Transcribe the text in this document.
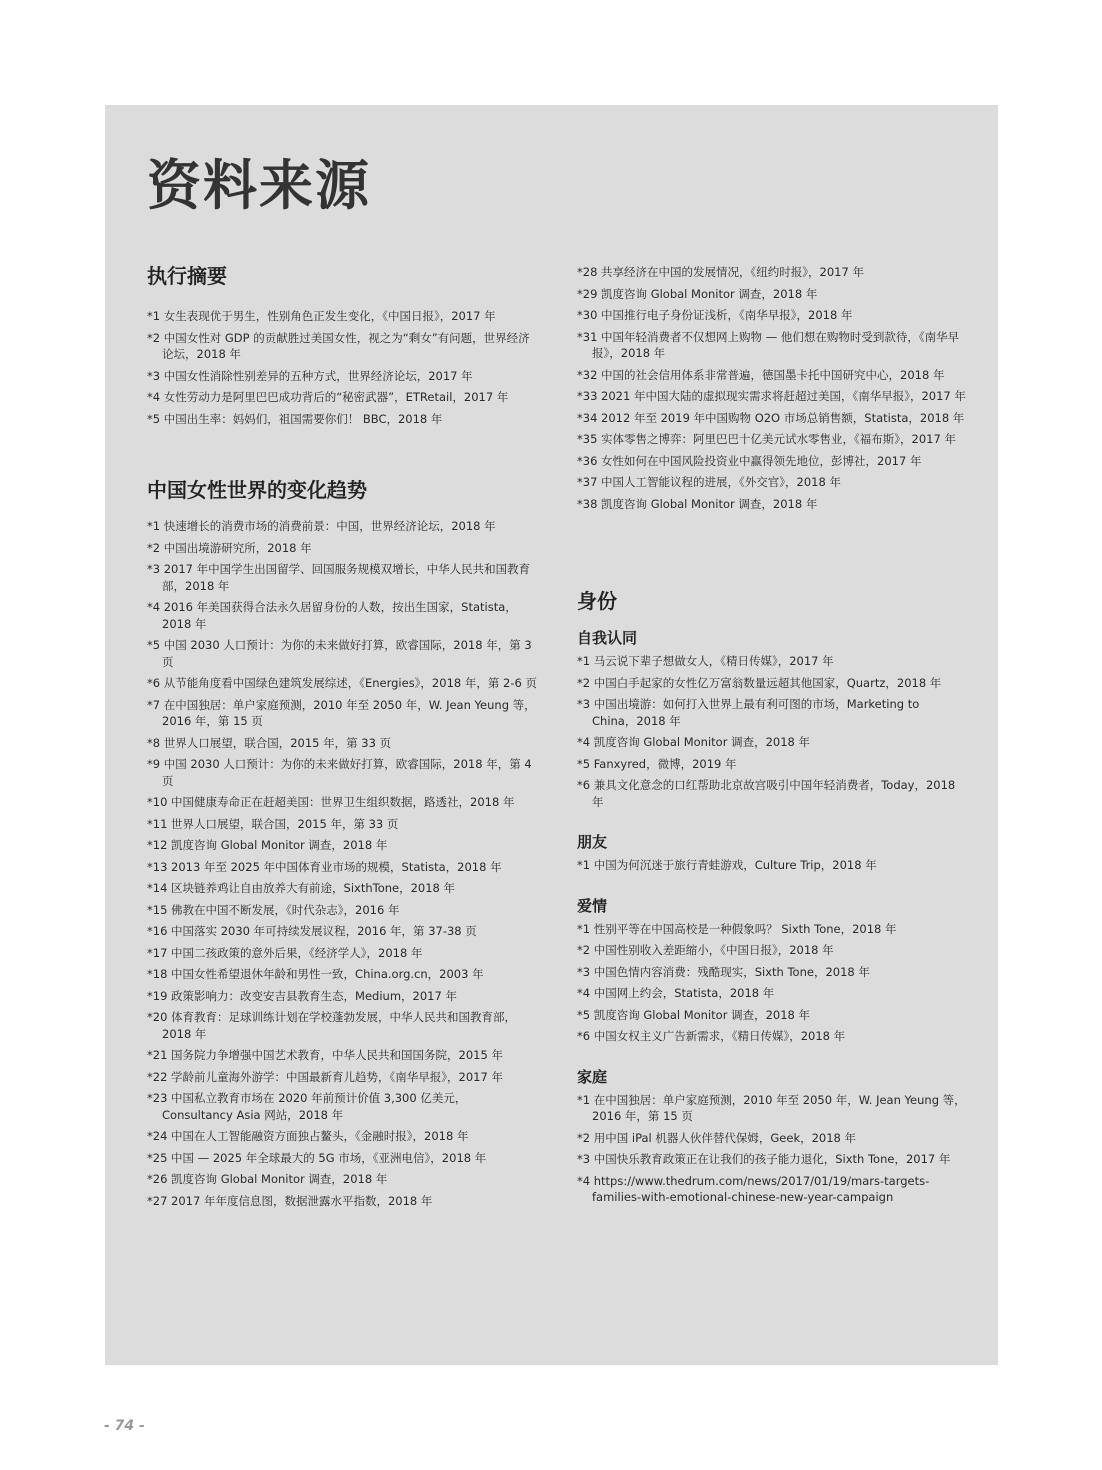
资料来源
执行摘要
*1 女生表现优于男生，性别角色正发生变化，《中国日报》，2017 年
*2 中国女性对 GDP 的贡献胜过美国女性，视之为“剩女”有问题，世界经济论坛，2018 年
*3 中国女性消除性别差异的五种方式，世界经济论坛，2017 年
*4 女性劳动力是阿里巴巴成功背后的“秘密武器”，ETRetail，2017 年
*5 中国出生率：妈妈们，祖国需要你们！ BBC，2018 年
中国女性世界的变化趋势
*1 快速增长的消费市场的消费前景：中国，世界经济论坛，2018 年
*2 中国出境游研究所，2018 年
*3 2017 年中国学生出国留学、回国服务规模双增长，中华人民共和国教育部，2018 年
*4 2016 年美国获得合法永久居留身份的人数，按出生国家，Statista，2018 年
*5 中国 2030 人口预计：为你的未来做好打算，欧睿国际，2018 年，第 3 页
*6 从节能角度看中国绿色建筑发展综述，《Energies》，2018 年，第 2-6 页
*7 在中国独居：单户家庭预测，2010 年至 2050 年，W. Jean Yeung 等，2016 年，第 15 页
*8 世界人口展望，联合国，2015 年，第 33 页
*9 中国 2030 人口预计：为你的未来做好打算，欧睿国际，2018 年，第 4 页
*10 中国健康寿命正在赶超美国：世界卫生组织数据，路透社，2018 年
*11 世界人口展望，联合国，2015 年，第 33 页
*12 凯度咨询 Global Monitor 调查，2018 年
*13 2013 年至 2025 年中国体育业市场的规模，Statista，2018 年
*14 区块链养鸡让自由放养大有前途，SixthTone，2018 年
*15 佛教在中国不断发展，《时代杂志》，2016 年
*16 中国落实 2030 年可持续发展议程，2016 年，第 37-38 页
*17 中国二孩政策的意外后果，《经济学人》，2018 年
*18 中国女性希望退休年龄和男性一致，China.org.cn，2003 年
*19 政策影响力：改变安吉县教育生态，Medium，2017 年
*20 体育教育：足球训练计划在学校蓬勃发展，中华人民共和国教育部，2018 年
*21 国务院力争增强中国艺术教育，中华人民共和国国务院，2015 年
*22 学龄前儿童海外游学：中国最新育儿趋势，《南华早报》，2017 年
*23 中国私立教育市场在 2020 年前预计价值 3,300 亿美元，Consultancy Asia 网站，2018 年
*24 中国在人工智能融资方面独占鳌头，《金融时报》，2018 年
*25 中国 — 2025 年全球最大的 5G 市场，《亚洲电信》，2018 年
*26 凯度咨询 Global Monitor 调查，2018 年
*27 2017 年年度信息图，数据泄露水平指数，2018 年
*28 共享经济在中国的发展情况，《纽约时报》，2017 年
*29 凯度咨询 Global Monitor 调查，2018 年
*30 中国推行电子身份证浅析，《南华早报》，2018 年
*31 中国年轻消费者不仅想网上购物 — 他们想在购物时受到款待，《南华早报》，2018 年
*32 中国的社会信用体系非常普遍，德国墨卡托中国研究中心，2018 年
*33 2021 年中国大陆的虚拟现实需求将赶超过美国，《南华早报》，2017 年
*34 2012 年至 2019 年中国购物 O2O 市场总销售额，Statista，2018 年
*35 实体零售之博弈：阿里巴巴十亿美元试水零售业，《福布斯》，2017 年
*36 女性如何在中国风险投资业中赢得领先地位，彭博社，2017 年
*37 中国人工智能议程的进展，《外交官》，2018 年
*38 凯度咨询 Global Monitor 调查，2018 年
身份
自我认同
*1 马云说下辈子想做女人，《精日传媒》，2017 年
*2 中国白手起家的女性亿万富翁数量远超其他国家，Quartz，2018 年
*3 中国出境游：如何打入世界上最有利可图的市场，Marketing to China，2018 年
*4 凯度咨询 Global Monitor 调查，2018 年
*5 Fanxyred，微博，2019 年
*6 兼具文化意念的口红帮助北京故宫吸引中国年轻消费者，Today，2018 年
朋友
*1 中国为何沉迷于旅行青蛙游戏，Culture Trip，2018 年
爱情
*1 性别平等在中国高校是一种假象吗？ Sixth Tone，2018 年
*2 中国性别收入差距缩小，《中国日报》，2018 年
*3 中国色情内容消费：残酷现实，Sixth Tone，2018 年
*4 中国网上约会，Statista，2018 年
*5 凯度咨询 Global Monitor 调查，2018 年
*6 中国女权主义广告新需求，《精日传媒》，2018 年
家庭
*1 在中国独居：单户家庭预测，2010 年至 2050 年，W. Jean Yeung 等，2016 年，第 15 页
*2 用中国 iPal 机器人伙伴替代保姆，Geek，2018 年
*3 中国快乐教育政策正在让我们的孩子能力退化，Sixth Tone，2017 年
*4 https://www.thedrum.com/news/2017/01/19/mars-targets-families-with-emotional-chinese-new-year-campaign
- 74 -
